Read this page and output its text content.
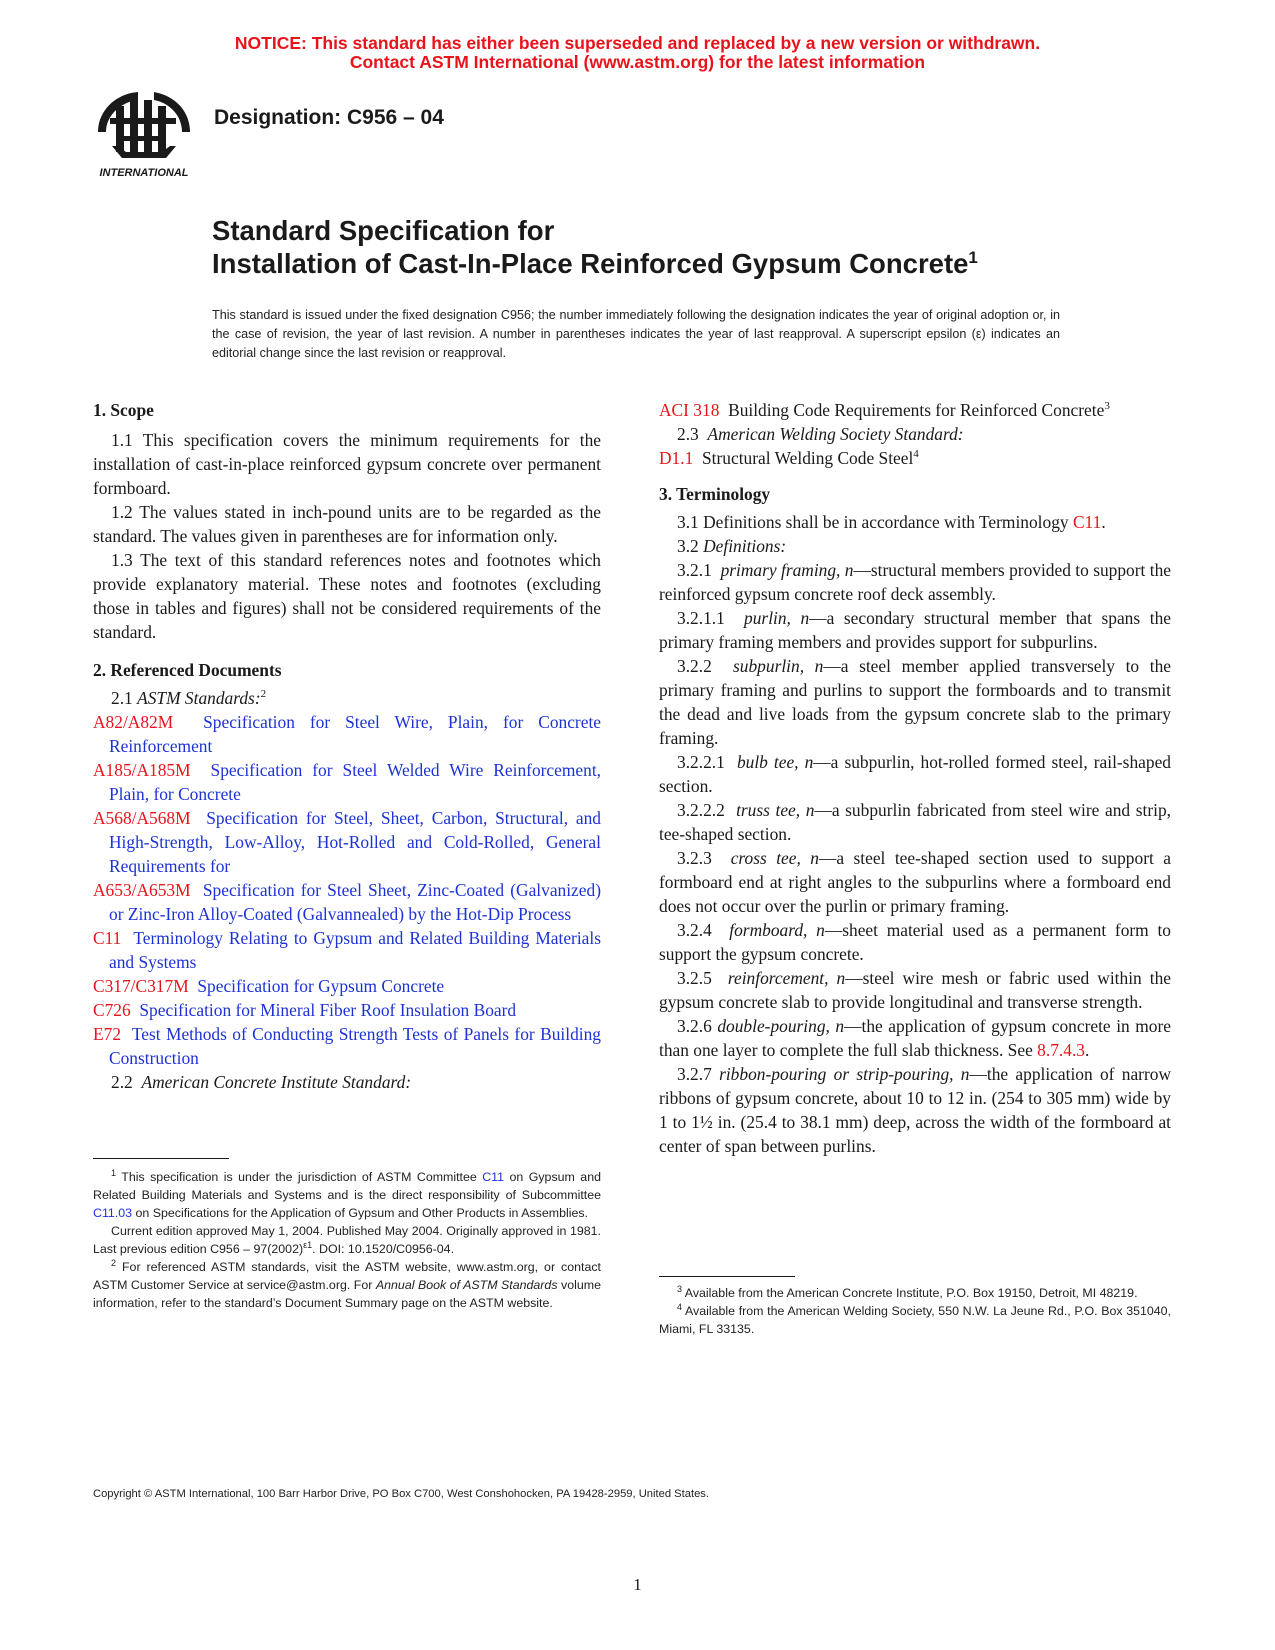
NOTICE: This standard has either been superseded and replaced by a new version or withdrawn.
Contact ASTM International (www.astm.org) for the latest information
INTERNATIONAL
Designation: C956 – 04
Standard Specification for
Installation of Cast-In-Place Reinforced Gypsum Concrete$^1$
This standard is issued under the fixed designation C956; the number immediately following the designation indicates the year of original adoption or, in the case of revision, the year of last revision. A number in parentheses indicates the year of last reapproval. A superscript epsilon (ε) indicates an editorial change since the last revision or reapproval.
1. Scope

1.1 This specification covers the minimum requirements for the installation of cast-in-place reinforced gypsum concrete over permanent formboard.

1.2 The values stated in inch-pound units are to be regarded as the standard. The values given in parentheses are for information only.

1.3 The text of this standard references notes and footnotes which provide explanatory material. These notes and footnotes (excluding those in tables and figures) shall not be considered requirements of the standard.

2. Referenced Documents

2.1 ASTM Standards:$^2$

A82/A82M Specification for Steel Wire, Plain, for Concrete Reinforcement

A185/A185M Specification for Steel Welded Wire Reinforcement, Plain, for Concrete

A568/A568M Specification for Steel, Sheet, Carbon, Structural, and High-Strength, Low-Alloy, Hot-Rolled and Cold-Rolled, General Requirements for

A653/A653M Specification for Steel Sheet, Zinc-Coated (Galvanized) or Zinc-Iron Alloy-Coated (Galvannealed) by the Hot-Dip Process

C11 Terminology Relating to Gypsum and Related Building Materials and Systems

C317/C317M Specification for Gypsum Concrete

C726 Specification for Mineral Fiber Roof Insulation Board

E72 Test Methods of Conducting Strength Tests of Panels for Building Construction

2.2 American Concrete Institute Standard:

$^1$ This specification is under the jurisdiction of ASTM Committee C11 on Gypsum and Related Building Materials and Systems and is the direct responsibility of Subcommittee C11.03 on Specifications for the Application of Gypsum and Other Products in Assemblies.

Current edition approved May 1, 2004. Published May 2004. Originally approved in 1981. Last previous edition $C956 - 97(2002)^{\varepsilon 1}$. DOI: 10.1520/C0956-04.

$^2$ For referenced ASTM standards, visit the ASTM website, www.astm.org, or contact ASTM Customer Service at service@astm.org. For Annual Book of ASTM Standards volume information, refer to the standard’s Document Summary page on the ASTM website.

ACI 318 Building Code Requirements for Reinforced Concrete$^3$

2.3 American Welding Society Standard:

D1.1 Structural Welding Code Steel$^4$

3. Terminology

3.1 Definitions shall be in accordance with Terminology C11.

3.2 Definitions:

3.2.1 primary framing, n—structural members provided to support the reinforced gypsum concrete roof deck assembly.

3.2.1.1 purlin, n—a secondary structural member that spans the primary framing members and provides support for subpurlins.

3.2.2 subpurlin, n—a steel member applied transversely to the primary framing and purlins to support the formboards and to transmit the dead and live loads from the gypsum concrete slab to the primary framing.

3.2.2.1 bulb tee, n—a subpurlin, hot-rolled formed steel, rail-shaped section.

3.2.2.2 truss tee, n—a subpurlin fabricated from steel wire and strip, tee-shaped section.

3.2.3 cross tee, n—a steel tee-shaped section used to support a formboard end at right angles to the subpurlins where a formboard end does not occur over the purlin or primary framing.

3.2.4 formboard, n—sheet material used as a permanent form to support the gypsum concrete.

3.2.5 reinforcement, n—steel wire mesh or fabric used within the gypsum concrete slab to provide longitudinal and transverse strength.

3.2.6 double-pouring, n—the application of gypsum concrete in more than one layer to complete the full slab thickness. See 8.7.4.3.

3.2.7 ribbon-pouring or strip-pouring, n—the application of narrow ribbons of gypsum concrete, about 10 to 12 in. (254 to 305 mm) wide by 1 to 1½ in. (25.4 to 38.1 mm) deep, across the width of the formboard at center of span between purlins.

$^3$ Available from the American Concrete Institute, P.O. Box 19150, Detroit, MI 48219.

$^4$ Available from the American Welding Society, 550 N.W. La Jeune Rd., P.O. Box 351040, Miami, FL 33135.

Copyright © ASTM International, 100 Barr Harbor Drive, PO Box C700, West Conshohocken, PA 19428-2959, United States.
1
